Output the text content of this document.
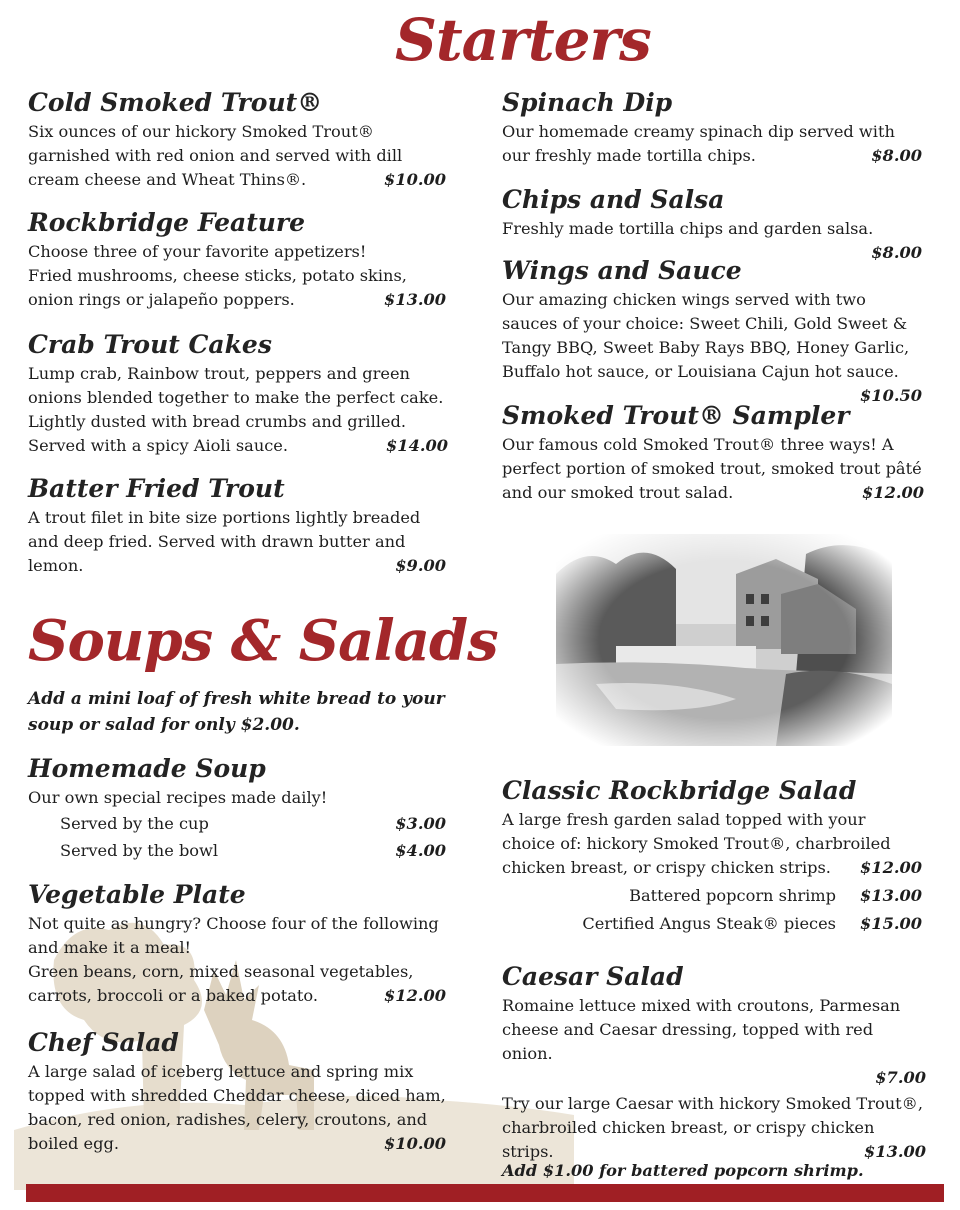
Starters
Soups & Salads
Cold Smoked Trout®

Six ounces of our hickory Smoked Trout® garnished with red onion and served with dill cream cheese and Wheat Thins®.	$10.00

Rockbridge Feature

Choose three of your favorite appetizers!

Fried mushrooms, cheese sticks, potato skins, onion rings or jalapeño poppers.	$13.00

Crab Trout Cakes

Lump crab, Rainbow trout, peppers and green onions blended together to make the perfect cake. Lightly dusted with bread crumbs and grilled. Served with a spicy Aioli sauce.	$14.00

Batter Fried Trout

A trout filet in bite size portions lightly breaded and deep fried. Served with drawn butter and lemon.	$9.00

Spinach Dip

Our homemade creamy spinach dip served with our freshly made tortilla chips.	$8.00

Chips and Salsa

Freshly made tortilla chips and garden salsa.
$8.00

Wings and Sauce

Our amazing chicken wings served with two sauces of your choice: Sweet Chili, Gold Sweet & Tangy BBQ, Sweet Baby Rays BBQ, Honey Garlic, Buffalo hot sauce, or Louisiana Cajun hot sauce.
$10.50

Smoked Trout® Sampler

Our famous cold Smoked Trout® three ways! A perfect portion of smoked trout, smoked trout pâté and our smoked trout salad.	$12.00

Add a mini loaf of fresh white bread to your soup or salad for only $2.00.
Homemade Soup

Our own special recipes made daily!

Served by the cup	$3.00
Served by the bowl	$4.00
Vegetable Plate

Not quite as hungry? Choose four of the following and make it a meal!

Green beans, corn, mixed seasonal vegetables, carrots, broccoli or a baked potato.	$12.00

Chef Salad

A large salad of iceberg lettuce and spring mix topped with shredded Cheddar cheese, diced ham, bacon, red onion, radishes, celery, croutons, and boiled egg.	$10.00

Classic Rockbridge Salad

A large fresh garden salad topped with your choice of: hickory Smoked Trout®, charbroiled chicken breast, or crispy chicken strips. $12.00

Battered popcorn shrimp	$13.00
Certified Angus Steak® pieces	$15.00
Caesar Salad

Romaine lettuce mixed with croutons, Parmesan cheese and Caesar dressing, topped with red onion.

$7.00

Try our large Caesar with hickory Smoked Trout®, charbroiled chicken breast, or crispy chicken strips.	$13.00

Add $1.00 for battered popcorn shrimp.
